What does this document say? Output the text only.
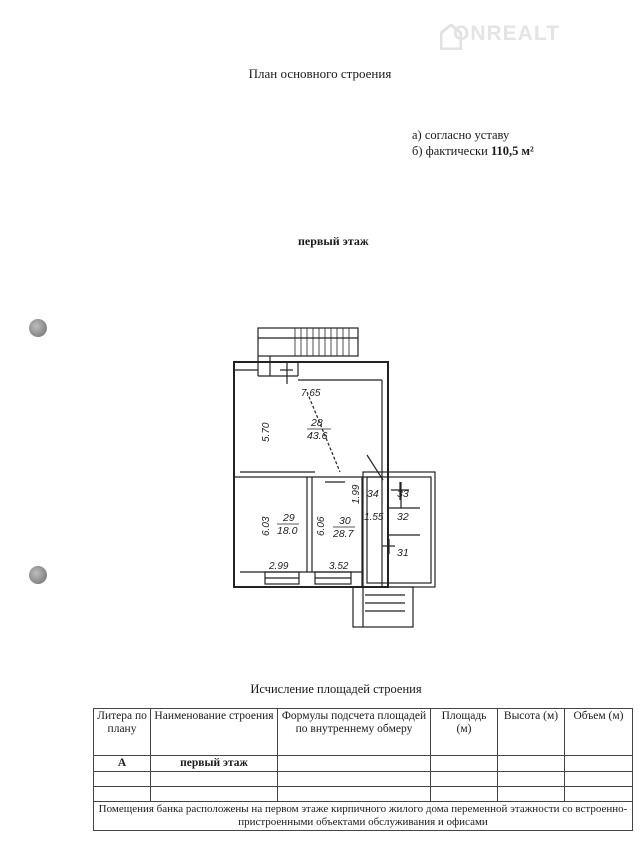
ONREALT
План основного строения
а) согласно уставу
б) фактически 110,5 м²
первый этаж
7.65
5.70
6.03	6.06
1.99
1.55
2.99	3.52
28
43.6
29
18.0
30
28.7
34 33
32
31
Исчисление площадей строения
Литера по плану	Наименование строения	Формулы подсчета площадей по внутреннему обмеру	Площадь (м)	Высота (м)	Объем (м)
А	первый этаж				

Помещения банка расположены на первом этаже кирпичного жилого дома переменной этажности со встроенно-пристроенными объектами обслуживания и офисами					
